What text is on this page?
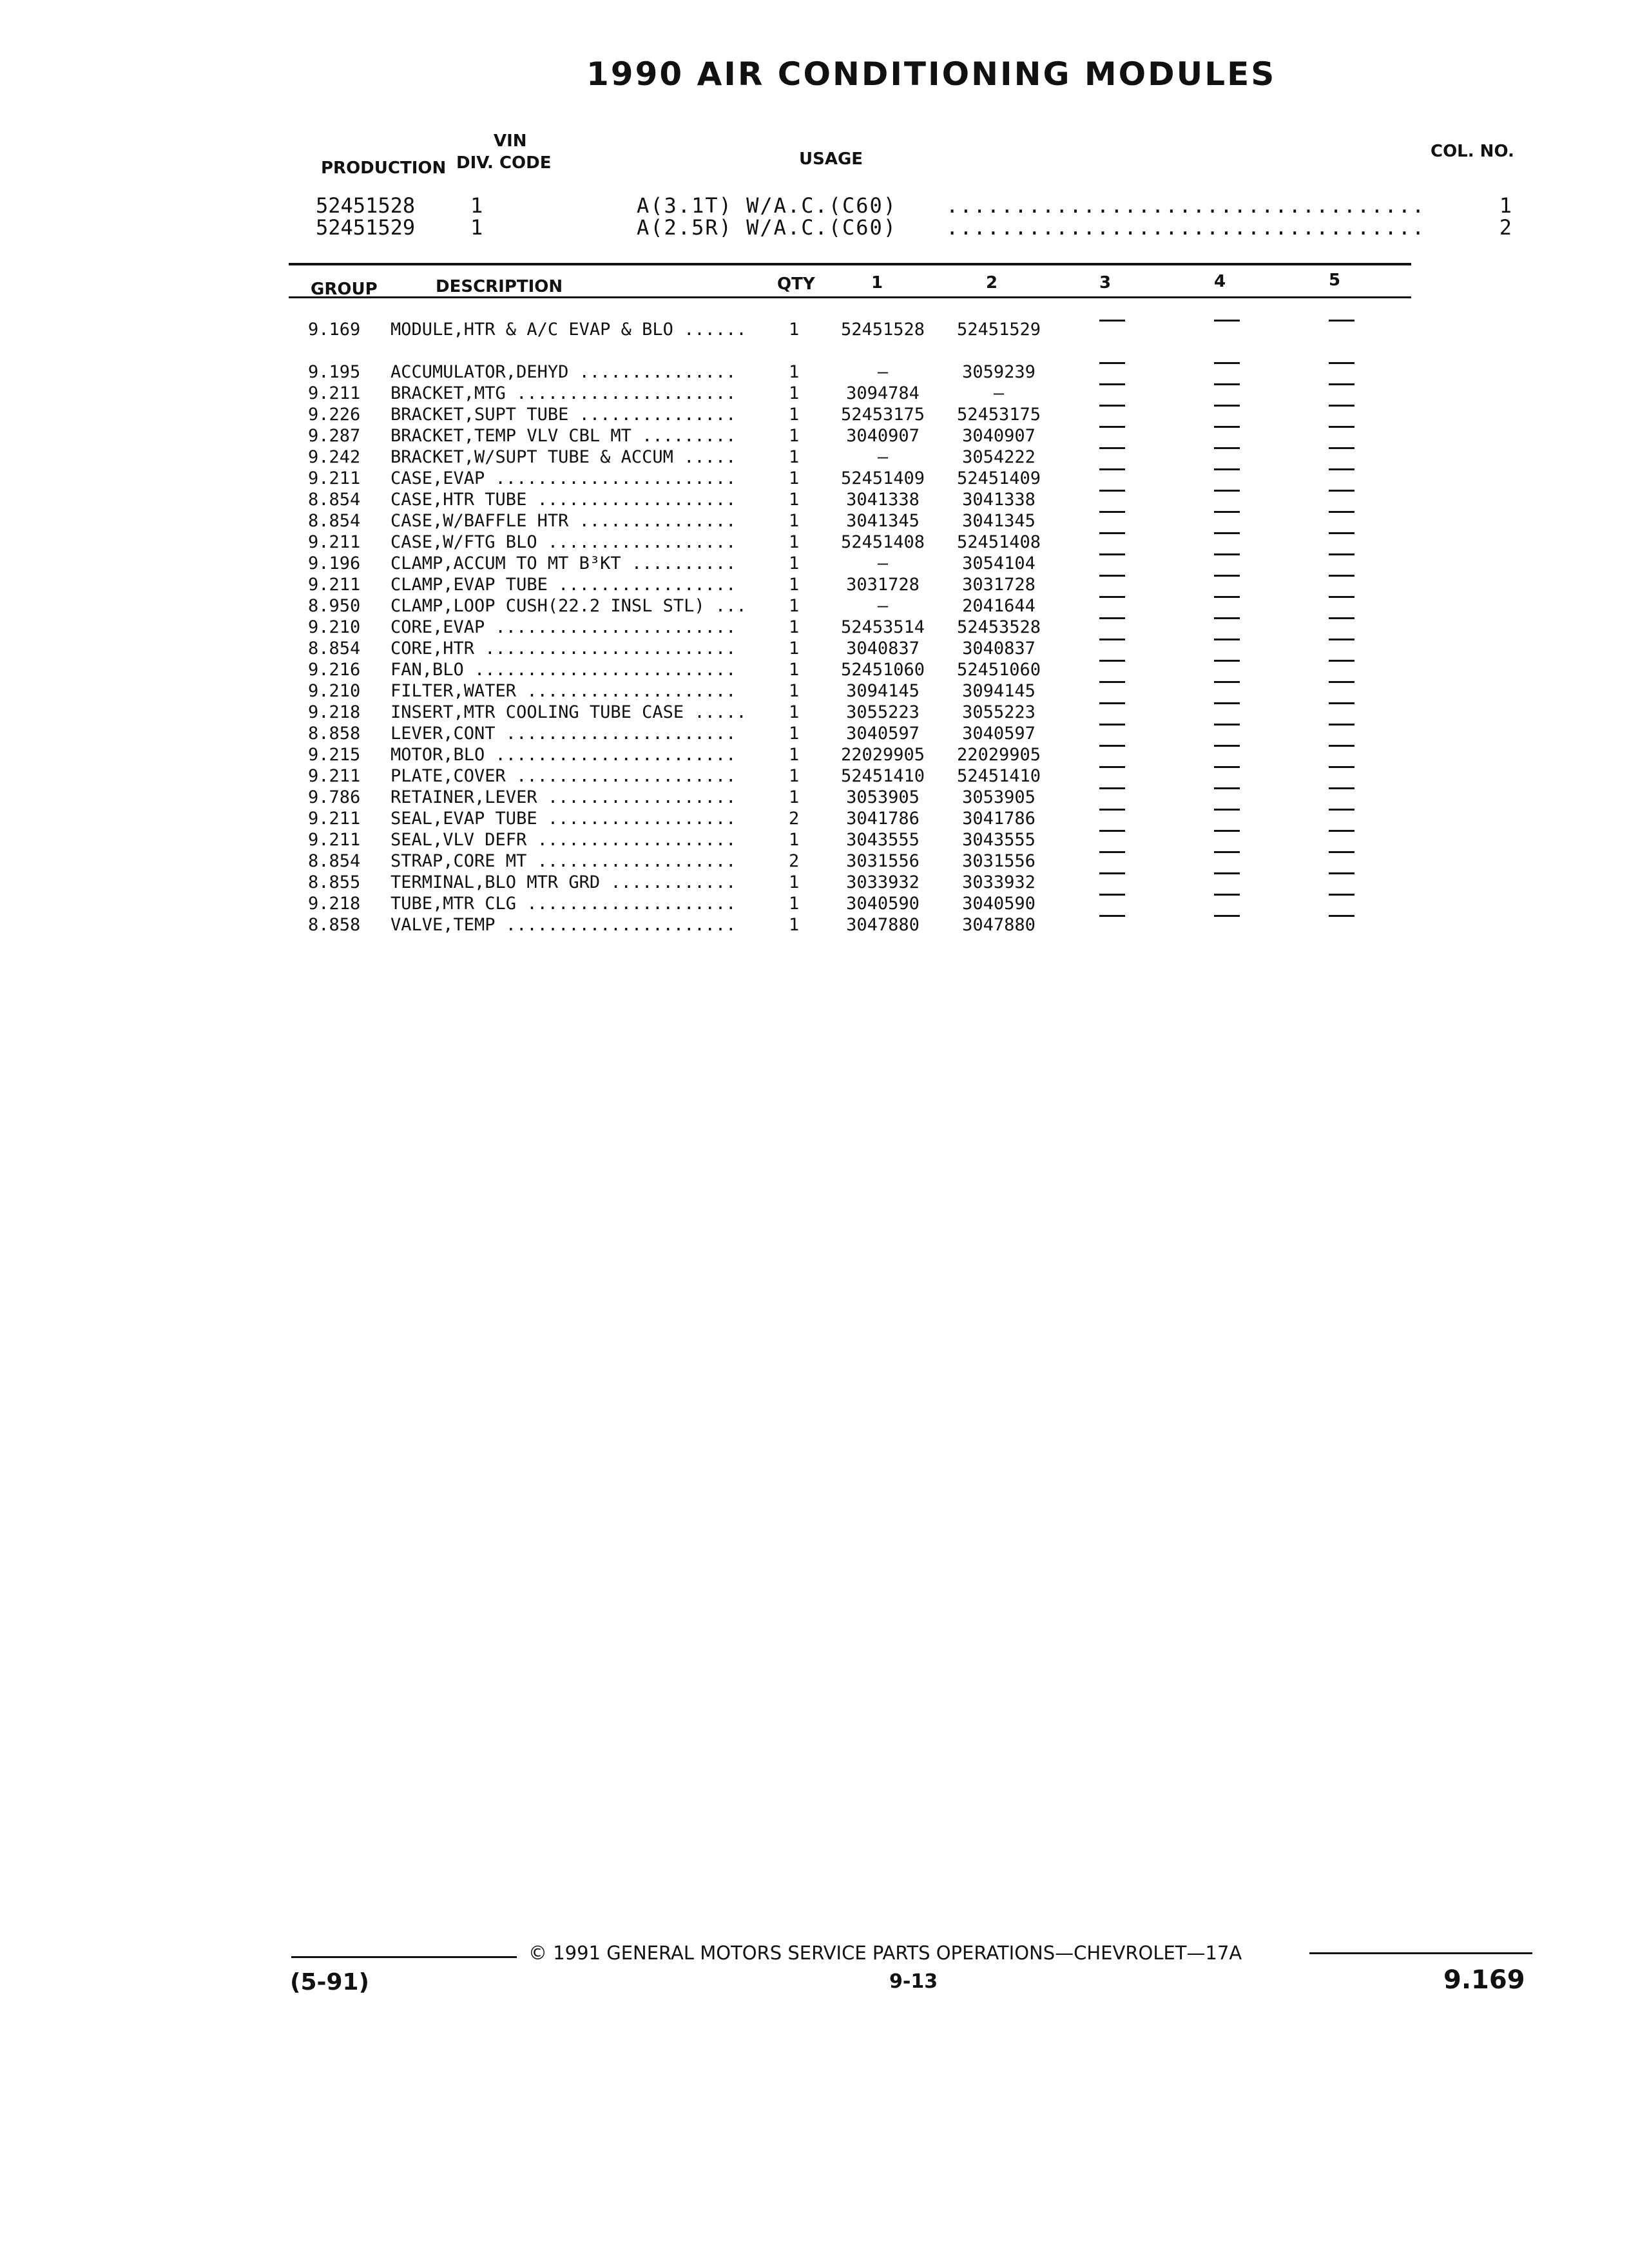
1990 AIR CONDITIONING MODULES
PRODUCTION
VIN
DIV. CODE	USAGE	COL. NO.
52451528	1	A(3.1T) W/A.C.(C60) ...................................	1
52451529	1	A(2.5R) W/A.C.(C60) ...................................	2
GROUP	DESCRIPTION	QTY	1	2	3	4	5
9.169 MODULE,HTR & A/C EVAP & BLO ...... 1	52451528	52451529
9.195 ACCUMULATOR,DEHYD ...............	1	—	3059239
9.211 BRACKET,MTG .....................	1	3094784	—
9.226 BRACKET,SUPT TUBE ...............	1	52453175	52453175
9.287 BRACKET,TEMP VLV CBL MT .........	1	3040907	3040907
9.242 BRACKET,W/SUPT TUBE & ACCUM .....	1	—	3054222
9.211 CASE,EVAP .......................	1	52451409	52451409
8.854 CASE,HTR TUBE ...................	1	3041338	3041338
8.854 CASE,W/BAFFLE HTR ...............	1	3041345	3041345
9.211 CASE,W/FTG BLO ..................	1	52451408	52451408
9.196 CLAMP,ACCUM TO MT B³KT ..........	1	—	3054104
9.211 CLAMP,EVAP TUBE .................	1	3031728	3031728
8.950 CLAMP,LOOP CUSH(22.2 INSL STL) ... 1	—	2041644
9.210 CORE,EVAP .......................	1	52453514	52453528
8.854 CORE,HTR ........................	1	3040837	3040837
9.216 FAN,BLO .........................	1	52451060	52451060
9.210 FILTER,WATER ....................	1	3094145	3094145
9.218 INSERT,MTR COOLING TUBE CASE ..... 1	3055223	3055223
8.858 LEVER,CONT ......................	1	3040597	3040597
9.215 MOTOR,BLO .......................	1	22029905	22029905
9.211 PLATE,COVER .....................	1	52451410	52451410
9.786 RETAINER,LEVER ..................	1	3053905	3053905
9.211 SEAL,EVAP TUBE ..................	2	3041786	3041786
9.211 SEAL,VLV DEFR ...................	1	3043555	3043555
8.854 STRAP,CORE MT ...................	2	3031556	3031556
8.855 TERMINAL,BLO MTR GRD ............	1	3033932	3033932
9.218 TUBE,MTR CLG ....................	1	3040590	3040590
8.858 VALVE,TEMP ......................	1	3047880	3047880
© 1991 GENERAL MOTORS SERVICE PARTS OPERATIONS—CHEVROLET—17A
(5-91)	9-13	9.169
